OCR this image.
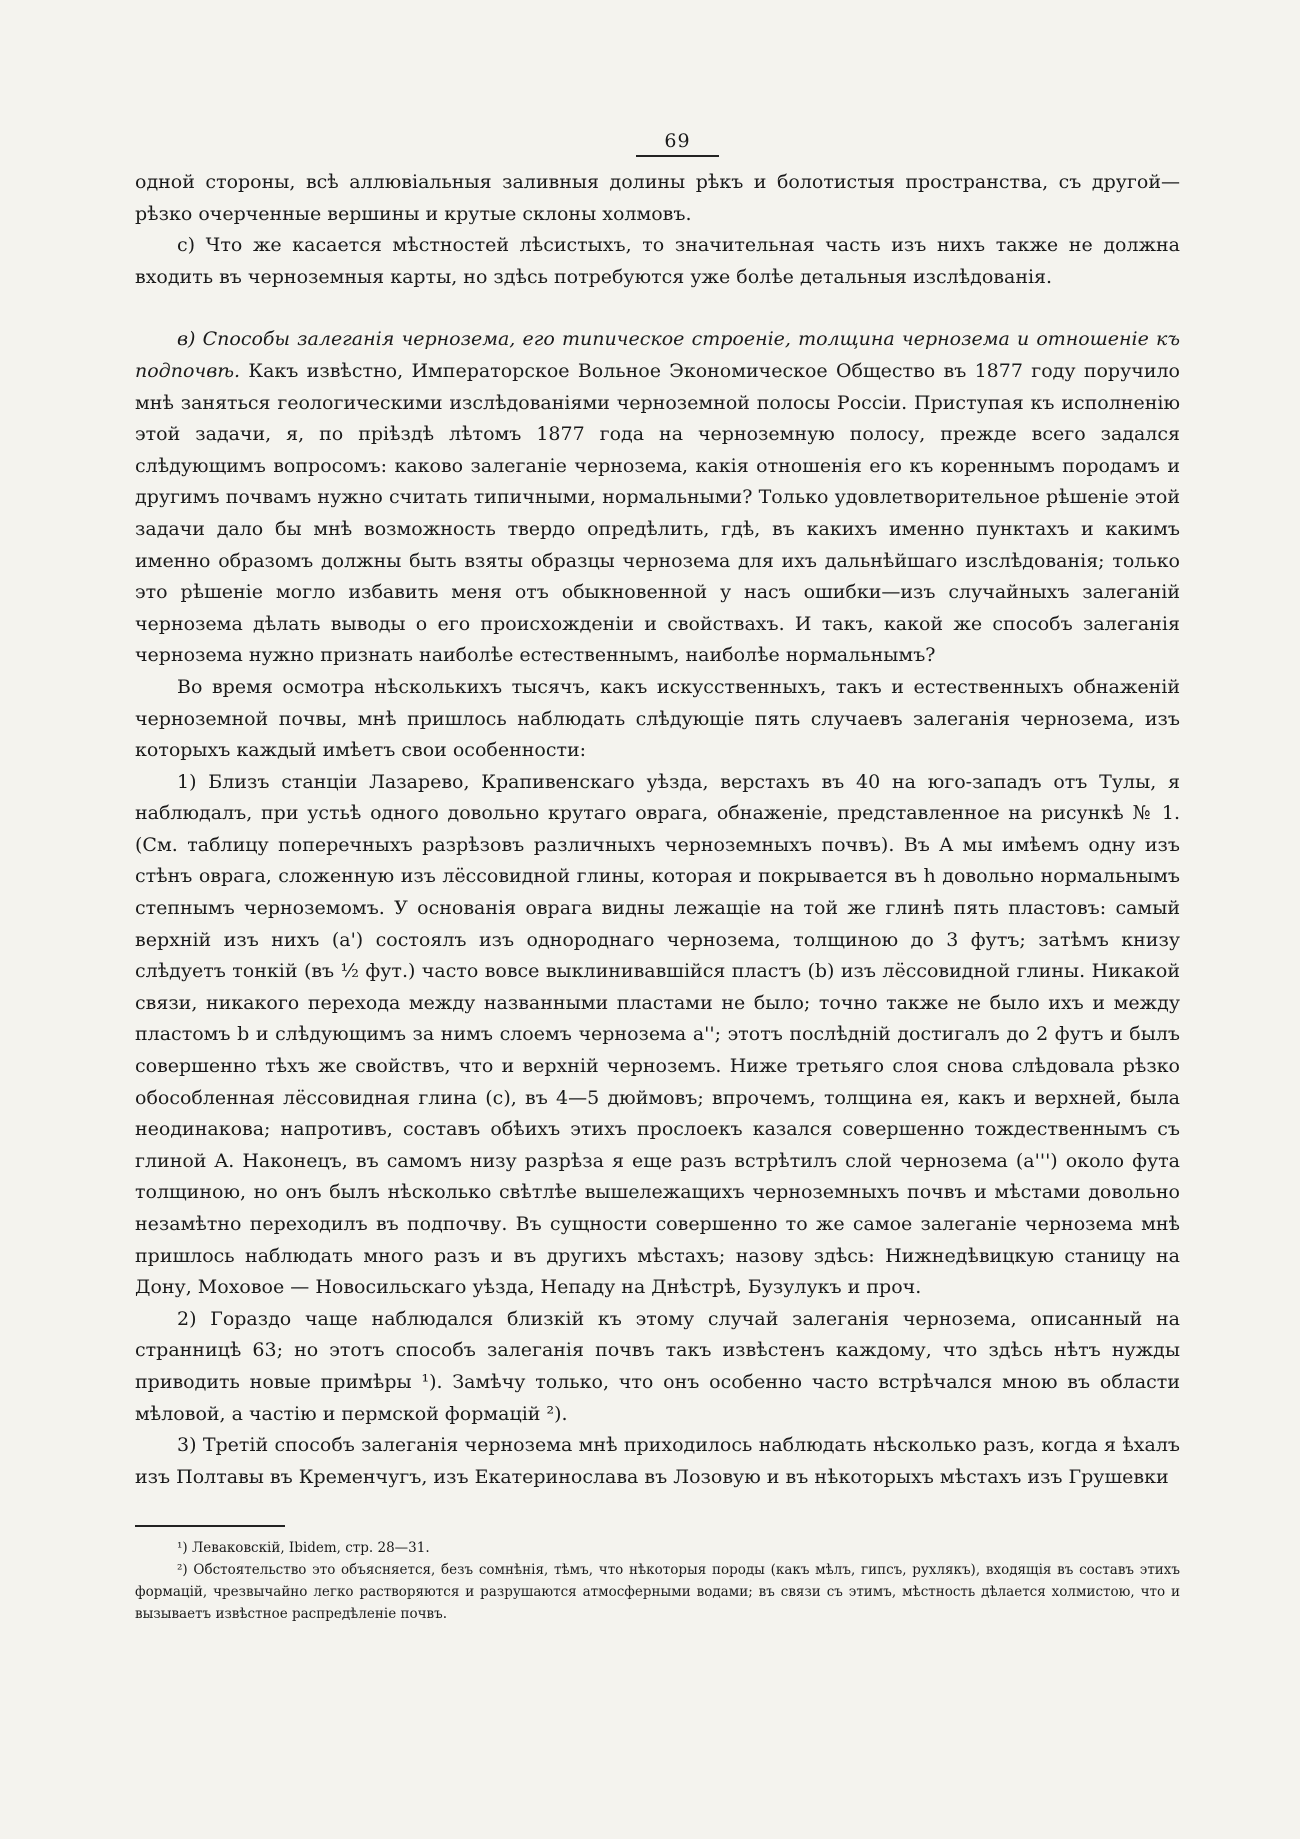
69

одной стороны, всѣ аллювіальныя заливныя долины рѣкъ и болотистыя пространства, съ другой—рѣзко очерченные вершины и крутые склоны холмовъ.

с) Что же касается мѣстностей лѣсистыхъ, то значительная часть изъ нихъ также не должна входить въ черноземныя карты, но здѣсь потребуются уже болѣе детальныя изслѣдованія.

в) Способы залеганія чернозема, его типическое строеніе, толщина чернозема и отношеніе къ подпочвѣ. Какъ извѣстно, Императорское Вольное Экономическое Общество въ 1877 году поручило мнѣ заняться геологическими изслѣдованіями черноземной полосы Россіи. Приступая къ исполненію этой задачи, я, по пріѣздѣ лѣтомъ 1877 года на черноземную полосу, прежде всего задался слѣдующимъ вопросомъ: каково залеганіе чернозема, какія отношенія его къ кореннымъ породамъ и другимъ почвамъ нужно считать типичными, нормальными? Только удовлетворительное рѣшеніе этой задачи дало бы мнѣ возможность твердо опредѣлить, гдѣ, въ какихъ именно пунктахъ и какимъ именно образомъ должны быть взяты образцы чернозема для ихъ дальнѣйшаго изслѣдованія; только это рѣшеніе могло избавить меня отъ обыкновенной у насъ ошибки—изъ случайныхъ залеганій чернозема дѣлать выводы о его происхожденіи и свойствахъ. И такъ, какой же способъ залеганія чернозема нужно признать наиболѣе естественнымъ, наиболѣе нормальнымъ?

Во время осмотра нѣсколькихъ тысячъ, какъ искусственныхъ, такъ и естественныхъ обнаженій черноземной почвы, мнѣ пришлось наблюдать слѣдующіе пять случаевъ залеганія чернозема, изъ которыхъ каждый имѣетъ свои особенности:

1) Близъ станціи Лазарево, Крапивенскаго уѣзда, верстахъ въ 40 на юго-западъ отъ Тулы, я наблюдалъ, при устьѣ одного довольно крутаго оврага, обнаженіе, представленное на рисункѣ № 1. (См. таблицу поперечныхъ разрѣзовъ различныхъ черноземныхъ почвъ). Въ A мы имѣемъ одну изъ стѣнъ оврага, сложенную изъ лёссовидной глины, которая и покрывается въ h довольно нормальнымъ степнымъ черноземомъ. У основанія оврага видны лежащіе на той же глинѣ пять пластовъ: самый верхній изъ нихъ (a') состоялъ изъ однороднаго чернозема, толщиною до 3 футъ; затѣмъ книзу слѣдуетъ тонкій (въ ½ фут.) часто вовсе выклинивавшійся пластъ (b) изъ лёссовидной глины. Никакой связи, никакого перехода между названными пластами не было; точно также не было ихъ и между пластомъ b и слѣдующимъ за нимъ слоемъ чернозема a''; этотъ послѣдній достигалъ до 2 футъ и былъ совершенно тѣхъ же свойствъ, что и верхній черноземъ. Ниже третьяго слоя снова слѣдовала рѣзко обособленная лёссовидная глина (c), въ 4—5 дюймовъ; впрочемъ, толщина ея, какъ и верхней, была неодинакова; напротивъ, составъ обѣихъ этихъ прослоекъ казался совершенно тождественнымъ съ глиной A. Наконецъ, въ самомъ низу разрѣза я еще разъ встрѣтилъ слой чернозема (a''') около фута толщиною, но онъ былъ нѣсколько свѣтлѣе вышележащихъ черноземныхъ почвъ и мѣстами довольно незамѣтно переходилъ въ подпочву. Въ сущности совершенно то же самое залеганіе чернозема мнѣ пришлось наблюдать много разъ и въ другихъ мѣстахъ; назову здѣсь: Нижнедѣвицкую станицу на Дону, Моховое — Новосильскаго уѣзда, Непаду на Днѣстрѣ, Бузулукъ и проч.

2) Гораздо чаще наблюдался близкій къ этому случай залеганія чернозема, описанный на странницѣ 63; но этотъ способъ залеганія почвъ такъ извѣстенъ каждому, что здѣсь нѣтъ нужды приводить новые примѣры ¹). Замѣчу только, что онъ особенно часто встрѣчался мною въ области мѣловой, а частію и пермской формацій ²).

3) Третій способъ залеганія чернозема мнѣ приходилось наблюдать нѣсколько разъ, когда я ѣхалъ изъ Полтавы въ Кременчугъ, изъ Екатеринослава въ Лозовую и въ нѣкоторыхъ мѣстахъ изъ Грушевки

¹) Леваковскій, Ibidem, стр. 28—31.

²) Обстоятельство это объясняется, безъ сомнѣнія, тѣмъ, что нѣкоторыя породы (какъ мѣлъ, гипсъ, рухлякъ), входящія въ составъ этихъ формацій, чрезвычайно легко растворяются и разрушаются атмосферными водами; въ связи съ этимъ, мѣстность дѣлается холмистою, что и вызываетъ извѣстное распредѣленіе почвъ.
